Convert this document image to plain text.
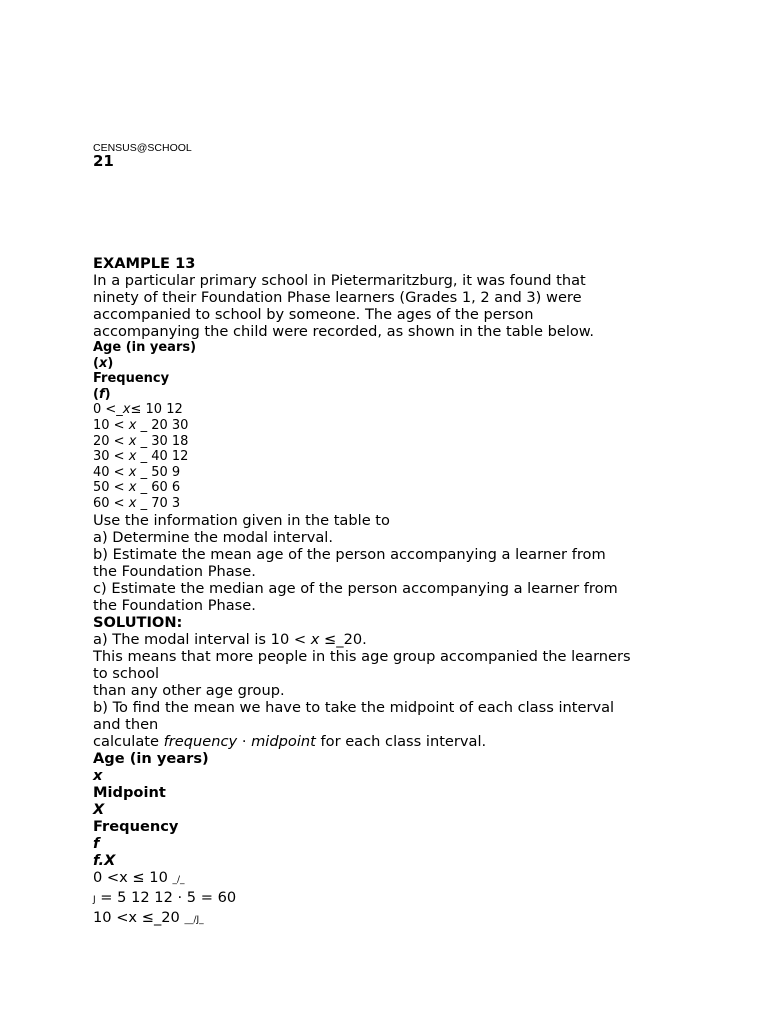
CENSUS@SCHOOL
21
EXAMPLE 13
In a particular primary school in Pietermaritzburg, it was found that
ninety of their Foundation Phase learners (Grades 1, 2 and 3) were
accompanied to school by someone. The ages of the person
accompanying the child were recorded, as shown in the table below.
Age (in years)
(x)
Frequency
(f)
0 <_x≤ 10 12
10 < x _ 20 30
20 < x _ 30 18
30 < x _ 40 12
40 < x _ 50 9
50 < x _ 60 6
60 < x _ 70 3
Use the information given in the table to
a) Determine the modal interval.
b) Estimate the mean age of the person accompanying a learner from
the Foundation Phase.
c) Estimate the median age of the person accompanying a learner from
the Foundation Phase.
SOLUTION:
a) The modal interval is 10 < x ≤_20.
This means that more people in this age group accompanied the learners
to school
than any other age group.
b) To find the mean we have to take the midpoint of each class interval
and then
calculate frequency · midpoint for each class interval.
Age (in years)
x
Midpoint
X
Frequency
f
f.X
0 <x ≤ 10 _/_
J = 5 12 12 · 5 = 60
10 <x ≤_20 __/J_
